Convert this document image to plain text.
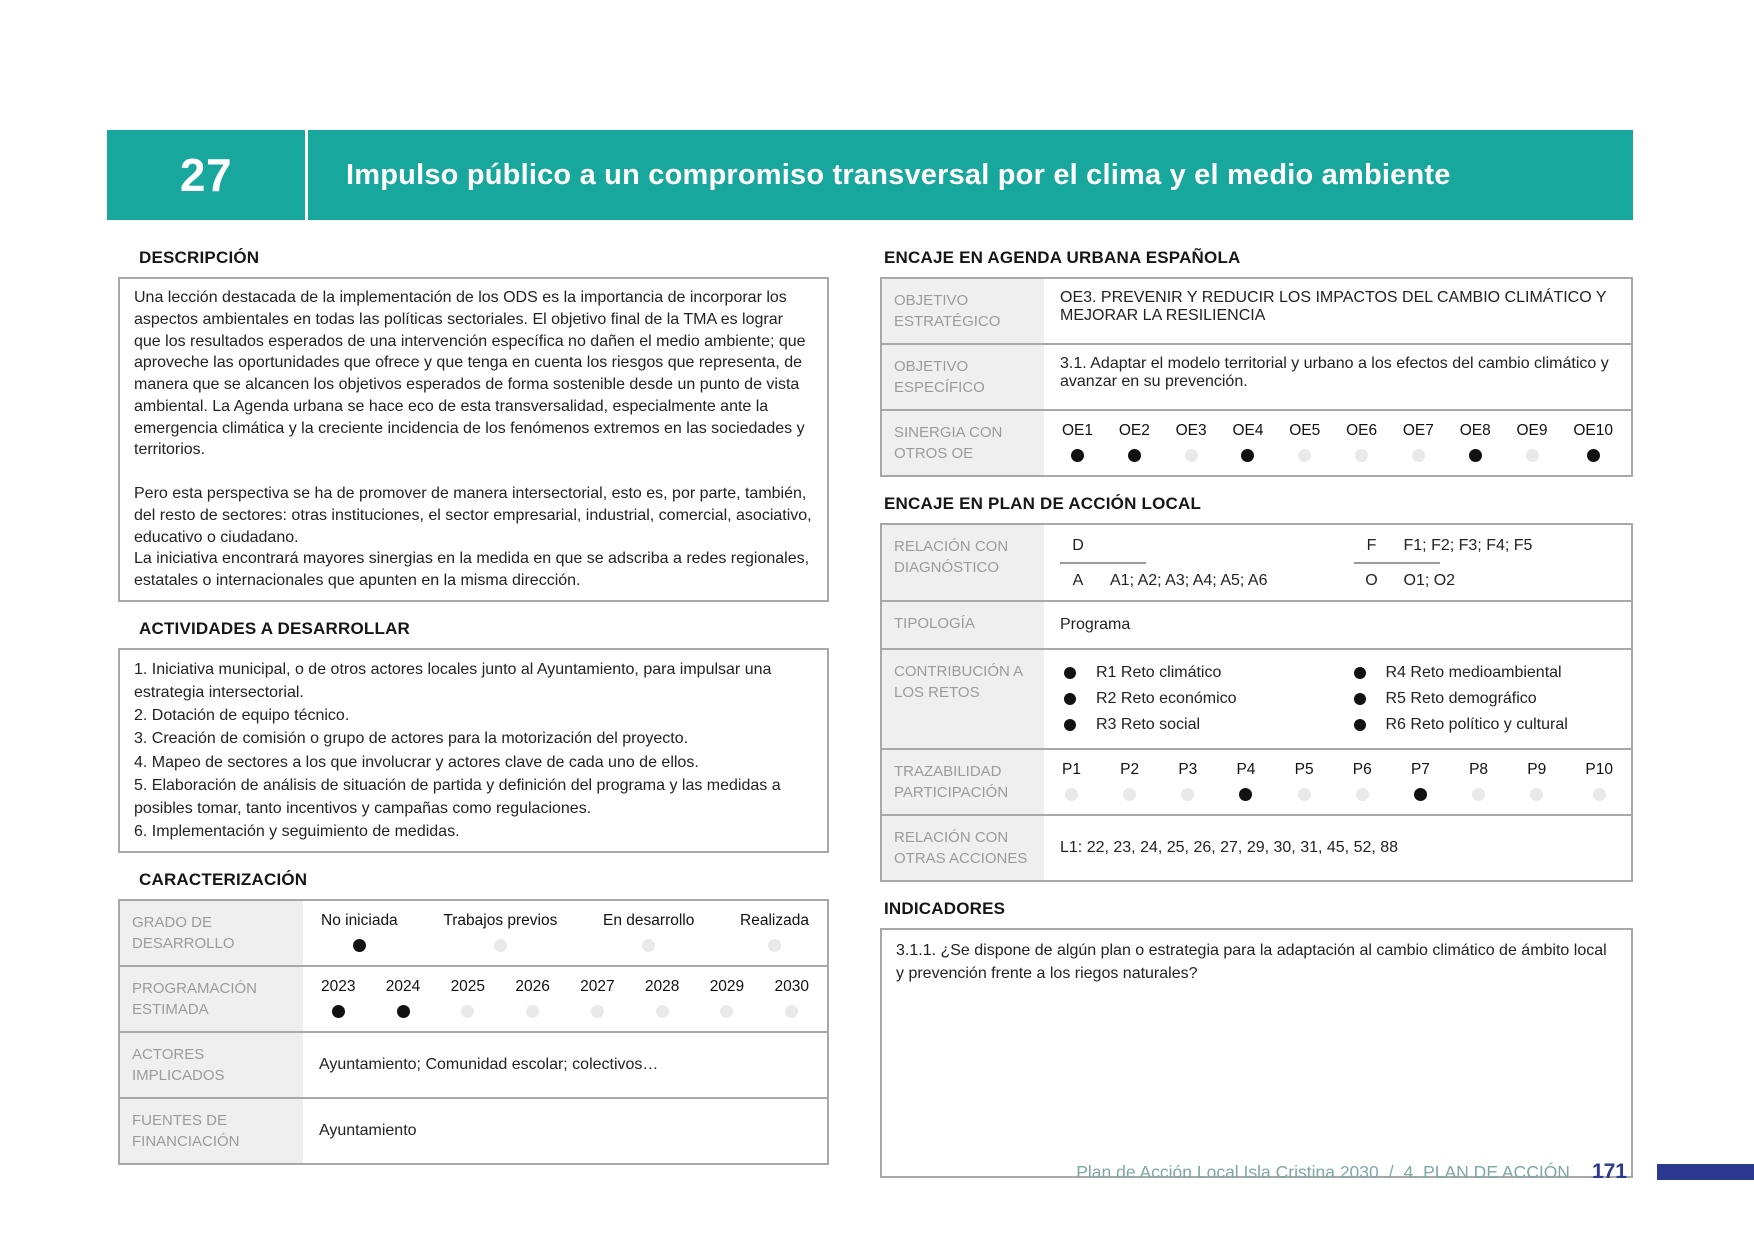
27	Impulso público a un compromiso transversal por el clima y el medio ambiente
DESCRIPCIÓN

Una lección destacada de la implementación de los ODS es la importancia de incorporar los aspectos ambientales en todas las políticas sectoriales. El objetivo final de la TMA es lograr que los resultados esperados de una intervención específica no dañen el medio ambiente; que aproveche las oportunidades que ofrece y que tenga en cuenta los riesgos que representa, de manera que se alcancen los objetivos esperados de forma sostenible desde un punto de vista ambiental. La Agenda urbana se hace eco de esta transversalidad, especialmente ante la emergencia climática y la creciente incidencia de los fenómenos extremos en las sociedades y territorios.

Pero esta perspectiva se ha de promover de manera intersectorial, esto es, por parte, también, del resto de sectores: otras instituciones, el sector empresarial, industrial, comercial, asociativo, educativo o ciudadano.

La iniciativa encontrará mayores sinergias en la medida en que se adscriba a redes regionales, estatales o internacionales que apunten en la misma dirección.

ACTIVIDADES A DESARROLLAR
1. Iniciativa municipal, o de otros actores locales junto al Ayuntamiento, para impulsar una estrategia intersectorial.
2. Dotación de equipo técnico.
3. Creación de comisión o grupo de actores para la motorización del proyecto.
4. Mapeo de sectores a los que involucrar y actores clave de cada uno de ellos.
5. Elaboración de análisis de situación de partida y definición del programa y las medidas a posibles tomar, tanto incentivos y campañas como regulaciones.
6. Implementación y seguimiento de medidas.
CARACTERIZACIÓN
GRADO DE DESARROLLO
No iniciada	Trabajos previos	En desarrollo	Realizada
PROGRAMACIÓN ESTIMADA
2023 2024 2025 2026 2027 2028 2029 2030
ACTORES IMPLICADOS
Ayuntamiento; Comunidad escolar; colectivos…
FUENTES DE FINANCIACIÓN
Ayuntamiento
ENCAJE EN AGENDA URBANA ESPAÑOLA
OBJETIVO ESTRATÉGICO
OE3. PREVENIR Y REDUCIR LOS IMPACTOS DEL CAMBIO CLIMÁTICO Y MEJORAR LA RESILIENCIA
OBJETIVO ESPECÍFICO
3.1. Adaptar el modelo territorial y urbano a los efectos del cambio climático y avanzar en su prevención.
SINERGIA CON OTROS OE
OE1 OE2 OE3 OE4 OE5 OE6 OE7 OE8 OE9 OE10
ENCAJE EN PLAN DE ACCIÓN LOCAL
RELACIÓN CON DIAGNÓSTICO
D
A	A1; A2; A3; A4; A5; A6
F	F1; F2; F3; F4; F5
O	O1; O2
TIPOLOGÍA	Programa
CONTRIBUCIÓN A LOS RETOS
R1 Reto climático
R2 Reto económico
R3 Reto social
R4 Reto medioambiental
R5 Reto demográfico
R6 Reto político y cultural
TRAZABILIDAD PARTICIPACIÓN
P1	P2	P3	P4	P5	P6	P7	P8	P9	P10
RELACIÓN CON OTRAS ACCIONES
L1: 22, 23, 24, 25, 26, 27, 29, 30, 31, 45, 52, 88
INDICADORES

3.1.1. ¿Se dispone de algún plan o estrategia para la adaptación al cambio climático de ámbito local y prevención frente a los riegos naturales?

Plan de Acción Local Isla Cristina 2030 / 4. PLAN DE ACCIÓN 171
